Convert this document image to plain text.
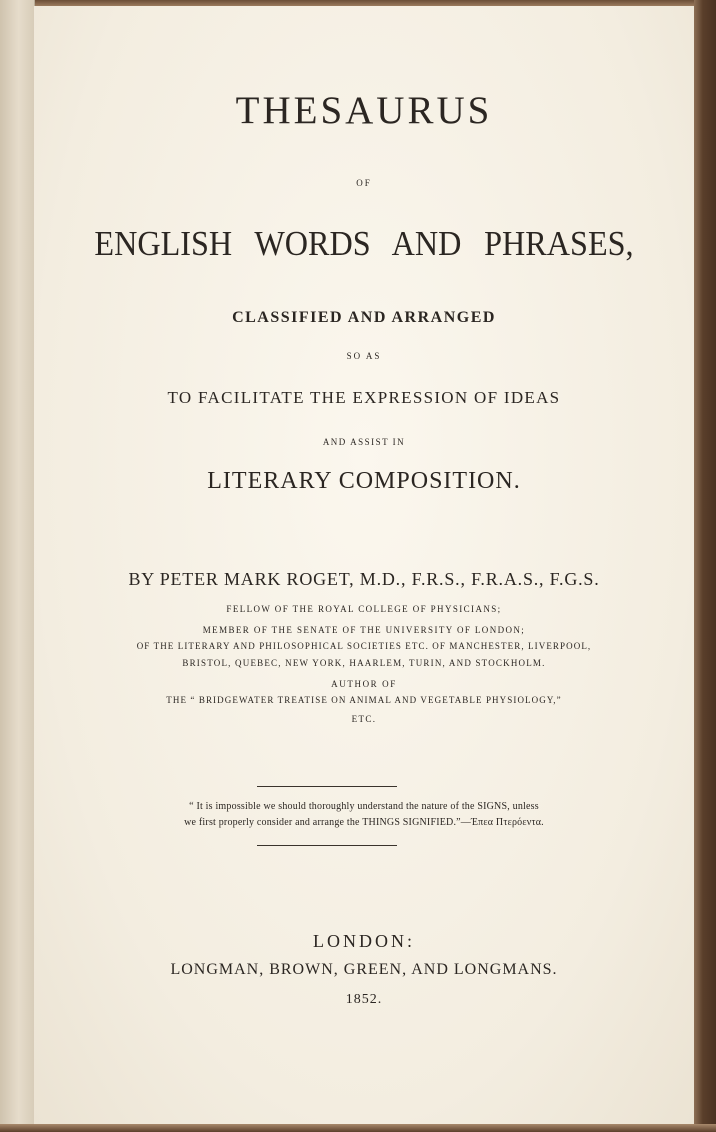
THESAURUS
OF
ENGLISH WORDS AND PHRASES,
CLASSIFIED AND ARRANGED
SO AS
TO FACILITATE THE EXPRESSION OF IDEAS
AND ASSIST IN
LITERARY COMPOSITION.
BY PETER MARK ROGET, M.D., F.R.S., F.R.A.S., F.G.S.
FELLOW OF THE ROYAL COLLEGE OF PHYSICIANS;
MEMBER OF THE SENATE OF THE UNIVERSITY OF LONDON;
OF THE LITERARY AND PHILOSOPHICAL SOCIETIES ETC. OF MANCHESTER, LIVERPOOL,
BRISTOL, QUEBEC, NEW YORK, HAARLEM, TURIN, AND STOCKHOLM.
AUTHOR OF
THE “ BRIDGEWATER TREATISE ON ANIMAL AND VEGETABLE PHYSIOLOGY,”
ETC.
“ It is impossible we should thoroughly understand the nature of the SIGNS, unless
we first properly consider and arrange the THINGS SIGNIFIED.”—Έπεα Πτερόεντα.
LONDON:
LONGMAN, BROWN, GREEN, AND LONGMANS.
1852.
